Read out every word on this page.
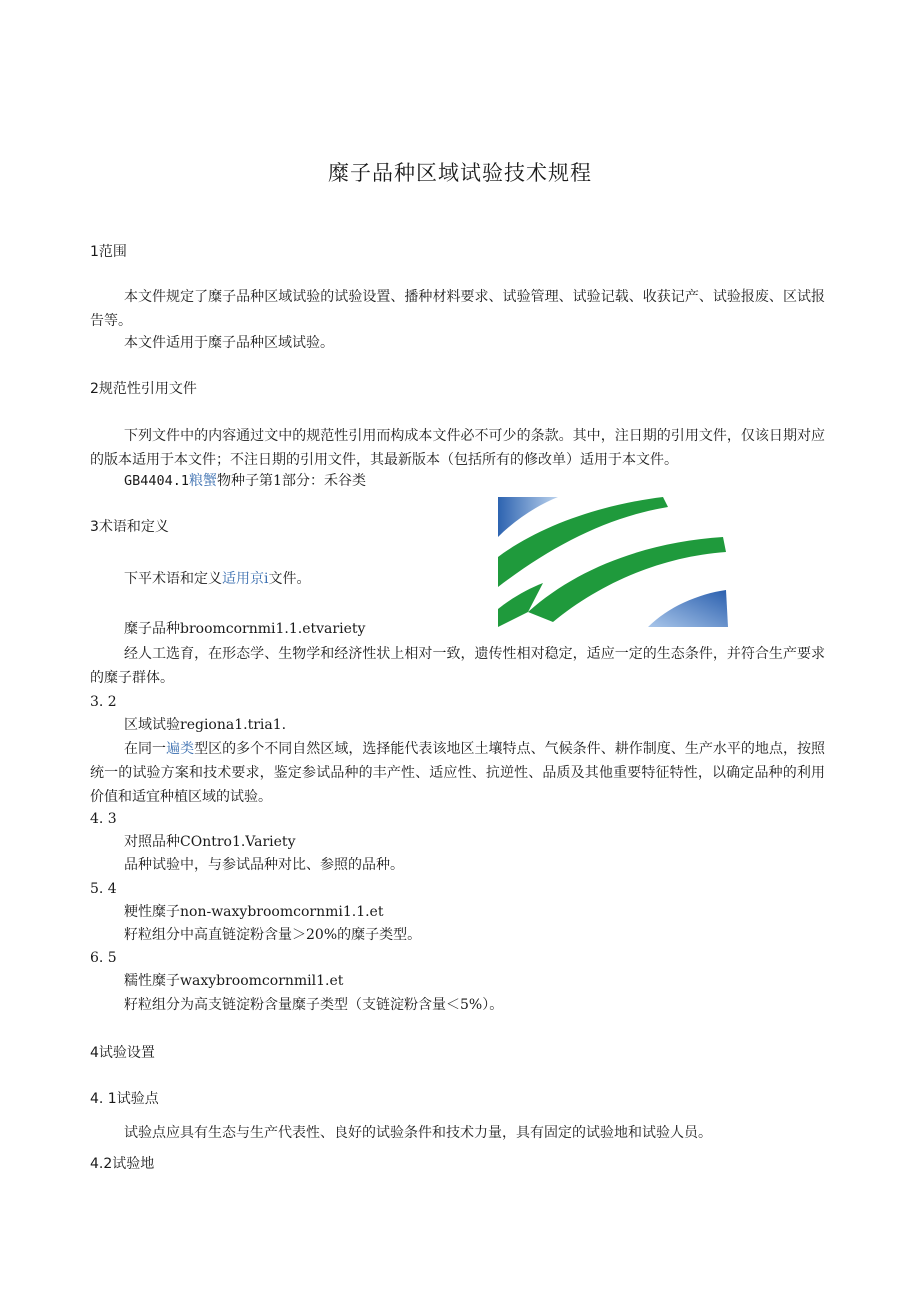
糜子品种区域试验技术规程
1范围
本文件规定了糜子品种区域试验的试验设置、播种材料要求、试验管理、试验记载、收获记产、试验报废、区试报告等。
本文件适用于糜子品种区域试验。
2规范性引用文件
下列文件中的内容通过文中的规范性引用而构成本文件必不可少的条款。其中，注日期的引用文件，仅该日期对应的版本适用于本文件；不注日期的引用文件，其最新版本（包括所有的修改单）适用于本文件。
GB4404.1粮蟹物种子第1部分：禾谷类
3术语和定义
下平术语和定义适用京i文件。
糜子品种broomcornmi1.1.etvariety
经人工选育，在形态学、生物学和经济性状上相对一致，遗传性相对稳定，适应一定的生态条件，并符合生产要求的糜子群体。
3. 2
区域试验regiona1.tria1.
在同一遍类型区的多个不同自然区域，选择能代表该地区土壤特点、气候条件、耕作制度、生产水平的地点，按照统一的试验方案和技术要求，鉴定参试品种的丰产性、适应性、抗逆性、品质及其他重要特征特性，以确定品种的利用价值和适宜种植区域的试验。
4. 3
对照品种COntro1.Variety
品种试验中，与参试品种对比、参照的品种。
5. 4
粳性糜子non-waxybroomcornmi1.1.et
籽粒组分中高直链淀粉含量＞20%的糜子类型。
6. 5
糯性糜子waxybroomcornmil1.et
籽粒组分为高支链淀粉含量糜子类型（支链淀粉含量＜5%）。
4试验设置
4. 1试验点
试验点应具有生态与生产代表性、良好的试验条件和技术力量，具有固定的试验地和试验人员。
4.2试验地
